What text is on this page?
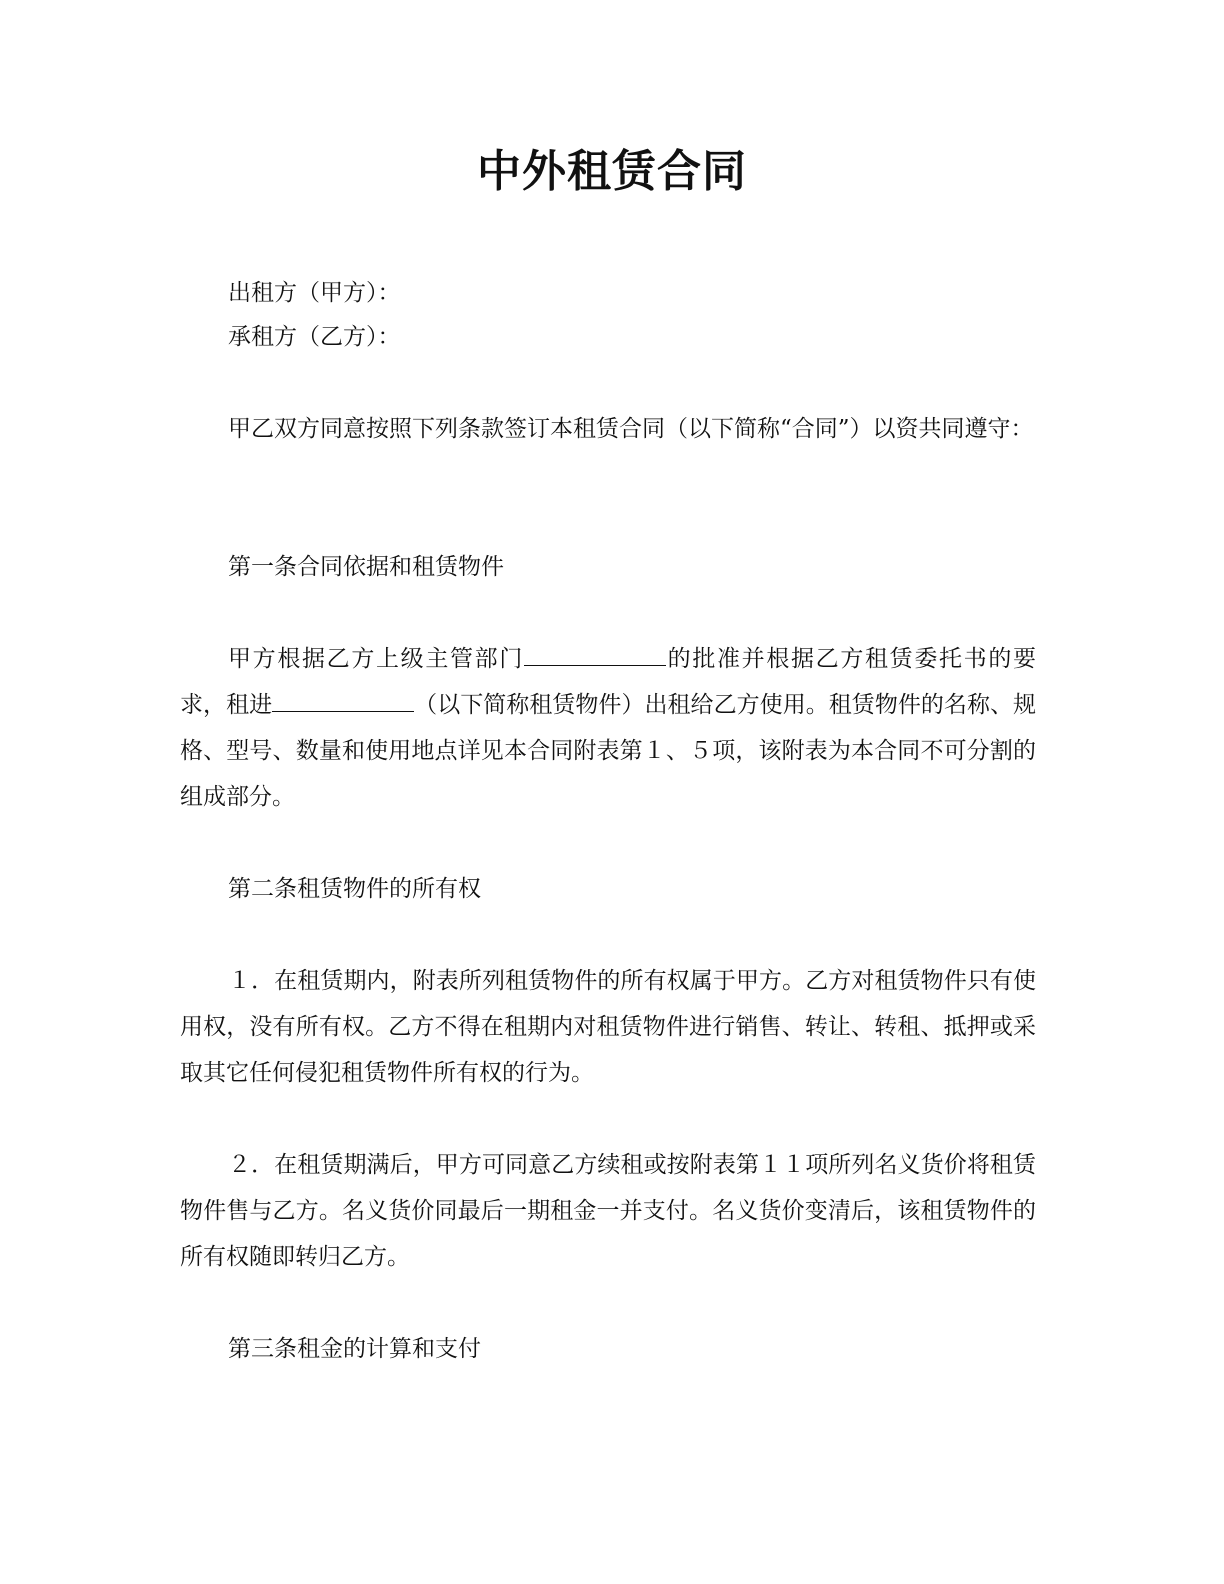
中外租赁合同

出租方（甲方）：

承租方（乙方）：

甲乙双方同意按照下列条款签订本租赁合同（以下简称“合同”）以资共同遵守：

第一条合同依据和租赁物件

甲方根据乙方上级主管部门	的批准并根据乙方租赁委托书的要求，租进	（以下简称租赁物件）出租给乙方使用。租赁物件的名称、规格、型号、数量和使用地点详见本合同附表第１、５项，该附表为本合同不可分割的组成部分。

第二条租赁物件的所有权

１．在租赁期内，附表所列租赁物件的所有权属于甲方。乙方对租赁物件只有使用权，没有所有权。乙方不得在租期内对租赁物件进行销售、转让、转租、抵押或采取其它任何侵犯租赁物件所有权的行为。

２．在租赁期满后，甲方可同意乙方续租或按附表第１１项所列名义货价将租赁物件售与乙方。名义货价同最后一期租金一并支付。名义货价变清后，该租赁物件的所有权随即转归乙方。

第三条租金的计算和支付
